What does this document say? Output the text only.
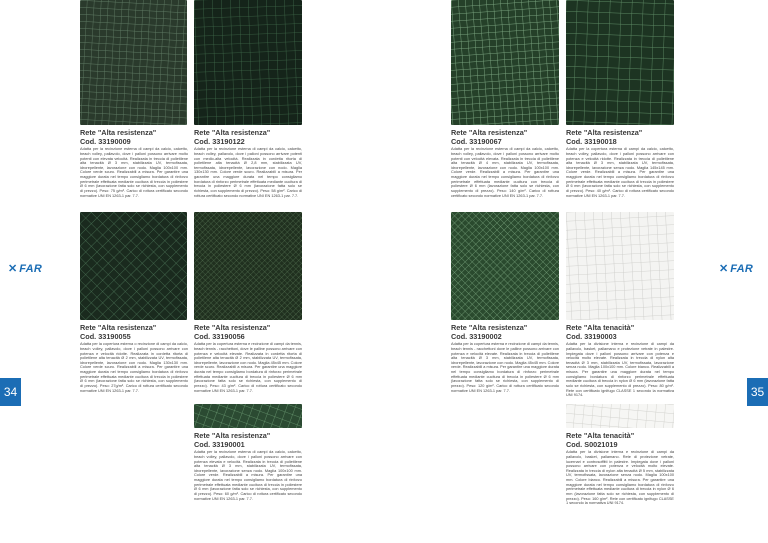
Rete "Alta resistenza"
Cod. 33190009
Adatta per la recinzione esterna di campi da calcio, calcetto, beach volley, pallavolo, dove i palloni possono arrivare molto potenti con elevata velocità. Realizzata in treccia di polietilene alta tenacità Ø 3 mm, stabilizzata UV, termofissata, idrorepellente, lavorazione con nodo. Maglia 100x100 mm. Colore verde scuro. Realizzabili a misura. Per garantire una maggiore durata nel tempo consigliamo bordatura di rinforzo perimetrale effettuata mediante cucitura di treccia in poliestere Ø 6 mm (lavorazione fatta solo se richiesta, con supplemento di prezzo). Peso: 75 g/m². Carico di rottura certificato secondo normative UNI EN 1263-1 par. 7.7.
Rete "Alta resistenza"
Cod. 33190122
Adatta per la recinzione esterna di campi da calcio, calcetto, beach volley, pallavolo, dove i palloni possono arrivare potenti con medio-alta velocità. Realizzata in cordetta ritorta di polietilene alta tenacità Ø 2,8 mm, stabilizzata UV, termofissata, idrorepellente, lavorazione con nodo. Maglia 130x130 mm. Colore verde scuro. Realizzabili a misura. Per garantire una maggiore durata nel tempo consigliamo bordatura di rinforzo perimetrale effettuata mediante cucitura di treccia in poliestere Ø 6 mm (lavorazione fatta solo se richiesta, con supplemento di prezzo). Peso: 58 g/m². Carico di rottura certificato secondo normative UNI EN 1263-1 par. 7.7.
✕ FAR
Rete "Alta resistenza"
Cod. 33190055
Adatta per la copertura esterna o recinzione di campi da calcio, beach volley, pallavolo, dove i palloni possono arrivare con potenza e velocità ridotte. Realizzata in cordetta ritorta di polietilene alta tenacità Ø 2 mm, stabilizzata UV, termofissata, idrorepellente, lavorazione con nodo. Maglia 130x130 mm. Colore verde scuro. Realizzabili a misura. Per garantire una maggiore durata nel tempo consigliamo bordatura di rinforzo perimetrale effettuata mediante cucitura di treccia in poliestere Ø 6 mm (lavorazione fatta solo se richiesta, con supplemento di prezzo). Peso: 27g/m². Carico di rottura certificato secondo normative UNI EN 1263-1 par. 7.7.
Rete "Alta resistenza"
Cod. 33190056
Adatta per la copertura esterna e recinzione di campi da tennis, beach tennis - racchettoni, dove le palline possono arrivare con potenza e velocità elevate. Realizzata in cordetta ritorta di polietilene alta tenacità Ø 2 mm, stabilizzata UV, termofissata, idrorepellente, lavorazione con nodo. Maglia 45x45 mm. Colore verde scuro. Realizzabili a misura. Per garantire una maggiore durata nel tempo consigliamo bordatura di rinforzo perimetrale effettuata mediante cucitura di treccia in poliestere Ø 6 mm (lavorazione fatta solo se richiesta, con supplemento di prezzo). Peso: 43 g/m². Carico di rottura certificato secondo normative UNI EN 1263-1 par. 7.7.
Rete "Alta resistenza"
Cod. 33190001
Adatta per la recinzione esterna di campi da calcio, calcetto, beach volley, pallavolo, dove i palloni possono arrivare con potenza elevata e velocità. Realizzata in treccia di polietilene alta tenacità Ø 3 mm, stabilizzata UV, termofissata, idrorepellente, lavorazione senza nodo. Maglia 100x100 mm. Colore verde. Realizzabili a misura. Per garantire una maggiore durata nel tempo consigliamo bordatura di rinforzo perimetrale effettuata mediante cucitura di treccia in poliestere Ø 6 mm (lavorazione fatta solo se richiesta, con supplemento di prezzo). Peso: 60 g/m². Carico di rottura certificato secondo normative UNI EN 1263-1 par. 7.7.
34
Rete "Alta resistenza"
Cod. 33190067
Adatta per la recinzione esterna di campi da calcio, calcetto, beach volley, pallavolo, dove i palloni possono arrivare molto potenti con velocità elevata. Realizzata in treccia di polietilene alta tenacità Ø 4 mm, stabilizzata UV, termofissata, idrorepellente, lavorazione con nodo. Maglia 100x100 mm. Colore verde. Realizzabili a misura. Per garantire una maggiore durata nel tempo consigliamo bordatura di rinforzo perimetrale effettuata mediante cucitura con treccia di poliestere Ø 6 mm (lavorazione fatta solo se richiesta, con supplemento di prezzo). Peso: 140 g/m². Carico di rottura certificato secondo normative UNI EN 1263-1 par. 7.7.
Rete "Alta resistenza"
Cod. 33190018
Adatta per la copertura esterna di campi da calcio, calcetto, beach volley, pallavolo, dove i palloni possono arrivare con potenza e velocità ridotte. Realizzata in treccia di polietilene alta tenacità Ø 3 mm, stabilizzata UV, termofissata, idrorepellente, lavorazione senza nodo. Maglia 145x145 mm. Colore verde. Realizzabili a misura. Per garantire una maggiore durata nel tempo consigliamo bordatura di rinforzo perimetrale effettuata mediante cucitura di treccia in poliestere Ø 6 mm (lavorazione fatta solo se richiesta, con supplemento di prezzo). Peso: 40 g/m². Carico di rottura certificato secondo normative UNI EN 1263-1 par. 7.7.
✕ FAR
Rete "Alta resistenza"
Cod. 33190002
Adatta per la copertura esterna e recinzione di campi da tennis, beach tennis - racchettoni dove le palline possono arrivare con potenza e velocità elevate. Realizzata in treccia di polietilene alta tenacità Ø 3 mm, stabilizzata UV, termofissata, idrorepellente, lavorazione con nodo. Maglia 45x45 mm. Colore verde. Realizzabili a misura. Per garantire una maggiore durata nel tempo consigliamo bordatura di rinforzo perimetrale effettuata mediante cucitura di treccia in poliestere Ø 6 mm (lavorazione fatta solo se richiesta, con supplemento di prezzo). Peso: 120 g/m². Carico di rottura certificato secondo normative UNI EN 1263-1 par. 7.7.
Rete "Alta tenacità"
Cod. 33190003
Adatta per la divisione interna e recinzione di campi da pallavolo, basket, pallamano e protezione vetrate in palestre. Impiegata dove i palloni possono arrivare con potenza e velocità molto elevate. Realizzata in treccia di nylon alta tenacità Ø 3 mm, stabilizzata UV, termofissata, lavorazione senza nodo. Maglia 100x100 mm. Colore bianco. Realizzabili a misura. Per garantire una maggiore durata nel tempo consigliamo bordatura di rinforzo perimetrale effettuata mediante cucitura di treccia in nylon Ø 6 mm (lavorazione fatta solo se richiesta, con supplemento di prezzo). Peso: 80 g/m². Rete con certificato ignifugo CLASSE 1 secondo la normativa UNI 9174.
Rete "Alta tenacità"
Cod. S0021019
Adatta per la divisione interna e recinzione di campi da pallavolo, basket, pallamano. Rete di protezione vetrate, lucernari e controsoffitti in palestre. Impiegata dove i palloni possono arrivare con potenza e velocità molto elevate. Realizzata in treccia di nylon alta tenacità Ø 5 mm, stabilizzata UV, termofissata, lavorazione senza nodo. Maglia 100x100 mm. Colore bianco. Realizzabili a misura. Per garantire una maggiore durata nel tempo consigliamo bordatura di rinforzo perimetrale effettuata mediante cucitura di treccia in nylon Ø 6 mm (lavorazione fatta solo se richiesta, con supplemento di prezzo). Peso: 160 g/m². Rete con certificato ignifugo CLASSE 1 secondo la normativa UNI 9174.
35
